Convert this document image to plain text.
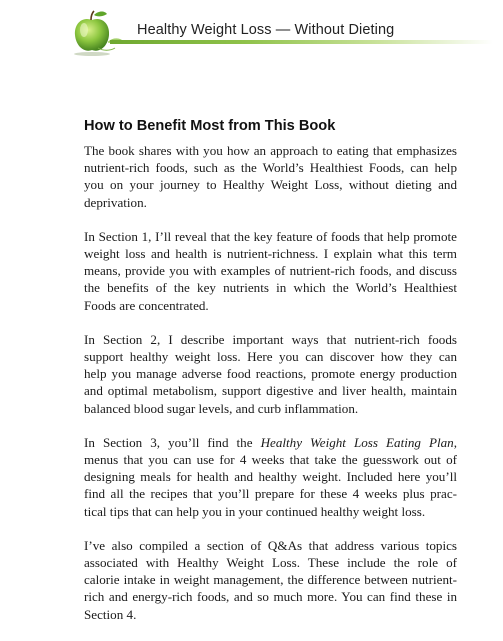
Healthy Weight Loss — Without Dieting
How to Benefit Most from This Book

The book shares with you how an approach to eating that emphasizes
nutrient-rich foods, such as the World’s Healthiest Foods, can help
you on your journey to Healthy Weight Loss, without dieting and
deprivation.

In Section 1, I’ll reveal that the key feature of foods that help promote
weight loss and health is nutrient-richness. I explain what this term
means, provide you with examples of nutrient-rich foods, and discuss
the benefits of the key nutrients in which the World’s Healthiest
Foods are concentrated.

In Section 2, I describe important ways that nutrient-rich foods
support healthy weight loss. Here you can discover how they can
help you manage adverse food reactions, promote energy production
and optimal metabolism, support digestive and liver health, maintain
balanced blood sugar levels, and curb inflammation.

In Section 3, you’ll find the Healthy Weight Loss Eating Plan,
menus that you can use for 4 weeks that take the guesswork out of
designing meals for health and healthy weight. Included here you’ll
find all the recipes that you’ll prepare for these 4 weeks plus prac-
tical tips that can help you in your continued healthy weight loss.

I’ve also compiled a section of Q&As that address various topics
associated with Healthy Weight Loss. These include the role of
calorie intake in weight management, the difference between nutrient-
rich and energy-rich foods, and so much more. You can find these in
Section 4.
